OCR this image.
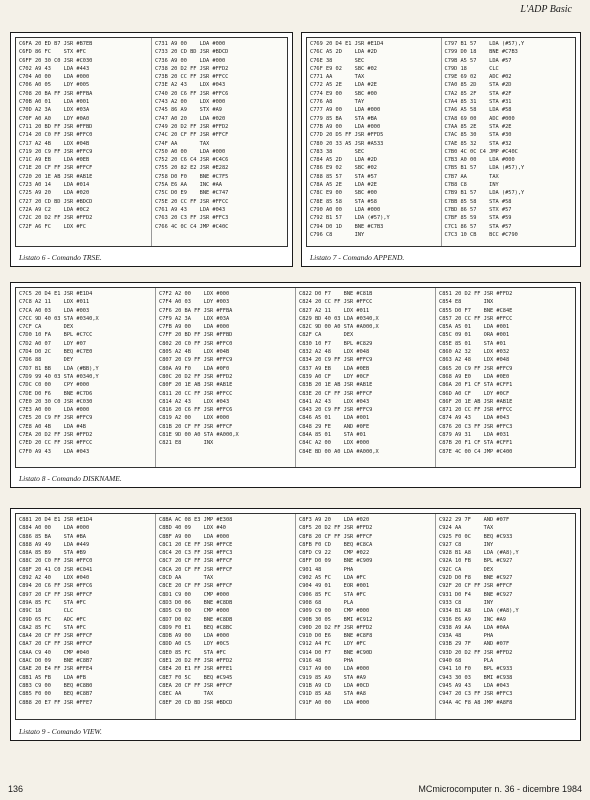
L'ADP Basic
C6FA 20 ED B7 JSR #B7EB
C6FD 86 FC    STX #FC
C6FF 20 30 C0 JSR #C030
C702 A9 43    LDA #443
C704 A0 00    LDA #000
C706 A0 05    LDY #005
C708 20 BA FF JSR #FFBA
C70B A0 01    LDA #001
C70D A2 3A    LDX #03A
C70F A0 A0    LDY #0A0
C711 20 BD FF JSR #FFBD
C714 20 C0 FF JSR #FFC0
C717 A2 4B    LDX #04B
C719 20 C9 FF JSR #FFC9
C71C A9 EB    LDA #0EB
C71E 20 CF FF JSR #FFCF
C720 20 1E AB JSR #AB1E
C723 A0 14    LDA #014
C725 A9 20    LDA #020
C727 20 CD BD JSR #BDCD
C72A A9 C2    LDA #0C2
C72C 20 D2 FF JSR #FFD2
C72F A6 FC    LDX #FC
C731 A9 00    LDA #000
C733 20 CD BD JSR #BDCD
C736 A9 00    LDA #000
C738 20 D2 FF JSR #FFD2
C73B 20 CC FF JSR #FFCC
C73E A2 43    LDX #043
C740 20 C6 FF JSR #FFC6
C743 A2 00    LDX #000
C745 86 A9    STX #A9
C747 A0 20    LDA #020
C749 20 D2 FF JSR #FFD2
C74C 20 CF FF JSR #FFCF
C74F AA       TAX
C750 A0 00    LDA #000
C752 20 C6 C4 JSR #C4C6
C755 20 82 E2 JSR #E282
C758 D0 F0    BNE #C7F5
C75A E6 AA    INC #AA
C75C D0 E9    BNE #C747
C75E 20 CC FF JSR #FFCC
C761 A9 43    LDA #043
C763 20 C3 FF JSR #FFC3
C766 4C 0C C4 JMP #C40C
Listato 6 - Comando TRSE.
C769 20 D4 E1 JSR #E1D4
C76C A5 2D    LDA #2D
C76E 38       SEC
C76F E9 02    SBC #02
C771 AA       TAX
C772 A5 2E    LDA #2E
C774 E9 00    SBC #00
C776 A8       TAY
C777 A9 00    LDA #000
C779 85 BA    STA #BA
C77B A9 00    LDA #000
C77D 20 D5 FF JSR #FFD5
C780 20 33 A5 JSR #A533
C783 38       SEC
C784 A5 2D    LDA #2D
C786 E9 02    SBC #02
C788 85 57    STA #57
C78A A5 2E    LDA #2E
C78C E9 00    SBC #00
C78E 85 58    STA #58
C790 A0 00    LDA #000
C792 B1 57    LDA (#57),Y
C794 D0 1D    BNE #C7B3
C796 C8       INY
C797 B1 57    LDA (#57),Y
C799 D0 18    BNE #C7B3
C79B A5 57    LDA #57
C79D 18       CLC
C79E 69 02    ADC #02
C7A0 85 2D    STA #2D
C7A2 85 2F    STA #2F
C7A4 85 31    STA #31
C7A6 A5 58    LDA #58
C7A8 69 00    ADC #000
C7AA 85 2E    STA #2E
C7AC 85 30    STA #30
C7AE 85 32    STA #32
C7B0 4C 0C C4 JMP #C40C
C7B3 A0 00    LDA #000
C7B5 B1 57    LDA (#57),Y
C7B7 AA       TAX
C7B8 C8       INY
C7B9 B1 57    LDA (#57),Y
C7BB 85 58    STA #58
C7BD 86 57    STX #57
C7BF 85 59    STA #59
C7C1 86 57    STA #57
C7C3 10 CB    BCC #C790
Listato 7 - Comando APPEND.
C7C5 20 D4 E1 JSR #E1D4
C7C8 A2 11    LDX #011
C7CA A0 03    LDA #003
C7CC 9D 40 03 STA #0340,X
C7CF CA       DEX
C7D0 10 FA    BPL #C7CC
C7D2 A0 07    LDY #07
C7D4 D0 2C    BEQ #C7E0
C7D6 88       DEY
C7D7 B1 BB    LDA (#BB),Y
C7D9 99 40 03 STA #0340,Y
C7DC C0 00    CPY #000
C7DE D0 F6    BNE #C7D6
C7E0 20 30 C0 JSR #C030
C7E3 A0 00    LDA #000
C7E5 20 C9 FF JSR #FFC9
C7E8 A0 4B    LDA #4B
C7EA 20 D2 FF JSR #FFD2
C7ED 20 CC FF JSR #FFCC
C7F0 A9 43    LDA #043
C7F2 A2 00    LDX #000
C7F4 A0 03    LDY #003
C7F6 20 BA FF JSR #FFBA
C7F9 A2 3A    LDX #03A
C7FB A9 00    LDA #000
C7FF 20 BD FF JSR #FFBD
C802 20 C0 FF JSR #FFC0
C805 A2 4B    LDX #04B
C807 20 C9 FF JSR #FFC9
C80A A9 F0    LDA #0F0
C80C 20 D2 FF JSR #FFD2
C80F 20 1E AB JSR #AB1E
C811 20 CC FF JSR #FFCC
C814 A2 43    LDX #043
C816 20 C6 FF JSR #FFC6
C819 A2 00    LDX #000
C81B 20 CF FF JSR #FFCF
C81E 9D 00 A0 STA #A000,X
C821 E8       INX
C822 D0 F7    BNE #C81B
C824 20 CC FF JSR #FFCC
C827 A2 11    LDX #011
C829 BD 40 03 LDA #0340,X
C82C 9D 00 A0 STA #A000,X
C82F CA       DEX
C830 10 F7    BPL #C829
C832 A2 48    LDX #048
C834 20 C9 FF JSR #FFC9
C837 A9 EB    LDA #0EB
C839 A0 CF    LDY #0CF
C83B 20 1E AB JSR #AB1E
C83E 20 CF FF JSR #FFCF
C841 A2 43    LDX #043
C843 20 C9 FF JSR #FFC9
C846 A5 01    LDA #001
C848 29 FE    AND #0FE
C84A 85 01    STA #01
C84C A2 00    LDX #000
C84E BD 00 A0 LDA #A000,X
C851 20 D2 FF JSR #FFD2
C854 E8       INX
C855 D0 F7    BNE #C84E
C857 20 CC FF JSR #FFCC
C85A A5 01    LDA #001
C85C 09 01    ORA #001
C85E 85 01    STA #01
C860 A2 32    LDX #032
C863 A2 48    LDX #048
C865 20 C9 FF JSR #FFC9
C868 A9 E0    LDA #0E0
C86A 20 F1 CF STA #CFF1
C86D A0 CF    LDY #0CF
C86F 20 1E AB JSR #AB1E
C871 20 CC FF JSR #FFCC
C874 A9 43    LDA #043
C876 20 C3 FF JSR #FFC3
C879 A9 31    LDA #031
C87B 20 F1 CF STA #CFF1
C87E 4C 00 C4 JMP #C400
Listato 8 - Comando DISKNAME.
C881 20 D4 E1 JSR #E1D4
C884 A0 00    LDA #000
C886 85 BA    STA #BA
C888 A9 49    LDA #449
C88A 85 B9    STA #B9
C88C 20 C0 FF JSR #FFC0
C88F 20 41 C0 JSR #C041
C892 A2 40    LDX #040
C894 20 C6 FF JSR #FFC6
C897 20 CF FF JSR #FFCF
C89A 85 FC    STA #FC
C89C 18       CLC
C89D 65 FC    ADC #FC
C8A2 85 FC    STA #FC
C8A4 20 CF FF JSR #FFCF
C8A7 20 CF FF JSR #FFCF
C8AA C9 40    CMP #040
C8AC D0 09    BNE #C8B7
C8AE 20 E4 FF JSR #FFE4
C8B1 A5 FB    LDA #FB
C8B3 C9 00    BEQ #C8B0
C8B5 F0 00    BEQ #C8B7
C8B8 20 E7 FF JSR #FFE7
C8BA AC 08 E3 JMP #E308
C8BD 40 09    LDX #40
C8BF A9 00    LDA #000
C8C1 20 CE FF JSR #FFCE
C8C4 20 C3 FF JSR #FFC3
C8C7 20 CF FF JSR #FFCF
C8CA 20 CF FF JSR #FFCF
C8CD AA       TAX
C8CE 20 CF FF JSR #FFCF
C8D1 C9 00    CMP #000
C8D3 D0 06    BNE #C8DB
C8D5 C9 00    CMP #000
C8D7 D0 02    BNE #C8DB
C8D9 F0 E1    BEQ #C8BC
C8DB A9 00    LDA #000
C8DD A0 C5    LDY #0C5
C8E0 85 FC    STA #FC
C8E1 20 D2 FF JSR #FFD2
C8E4 20 E1 FF JSR #FFE1
C8E7 F0 5C    BEQ #C945
C8EA 20 CF FF JSR #FFCF
C8EC AA       TAX
C8EF 20 CD BD JSR #BDCD
C8F3 A9 20    LDA #020
C8F5 20 D2 FF JSR #FFD2
C8F8 20 CF FF JSR #FFCF
C8FB F0 CD    BEQ #C8CA
C8FD C9 22    CMP #022
C8FF D0 09    BNE #C909
C901 48       PHA
C902 A5 FC    LDA #FC
C904 49 01    EOR #001
C906 85 FC    STA #FC
C908 68       PLA
C909 C9 00    CMP #000
C90B 30 05    BMI #C912
C90D 20 D2 FF JSR #FFD2
C910 D0 E6    BNE #C8F8
C912 A4 FC    LDY #FC
C914 D0 F7    BNE #C90D
C916 48       PHA
C917 A9 00    LDA #000
C919 85 A9    STA #A9
C91B A9 CD    LDA #0CD
C91D 85 A8    STA #A8
C91F A0 00    LDA #000
C922 29 7F    AND #07F
C924 AA       TAX
C925 F0 0C    BEQ #C933
C927 C8       INY
C928 B1 A8    LDA (#A8),Y
C92A 10 FB    BPL #C927
C92C CA       DEX
C92D D0 F8    BNE #C927
C92F 20 CF FF JSR #FFCF
C931 D0 F4    BNE #C927
C933 C8       INY
C934 B1 A8    LDA (#A8),Y
C936 E6 A9    INC #A9
C938 A9 AA    LDA #0AA
C93A 48       PHA
C93B 29 7F    AND #07F
C93D 20 D2 FF JSR #FFD2
C940 68       PLA
C941 10 F0    BPL #C933
C943 30 03    BMI #C938
C945 A9 43    LDA #043
C947 20 C3 FF JSR #FFC3
C94A 4C F8 A8 JMP #A8F8
Listato 9 - Comando VIEW.
136	MCmicrocomputer n. 36 - dicembre 1984
